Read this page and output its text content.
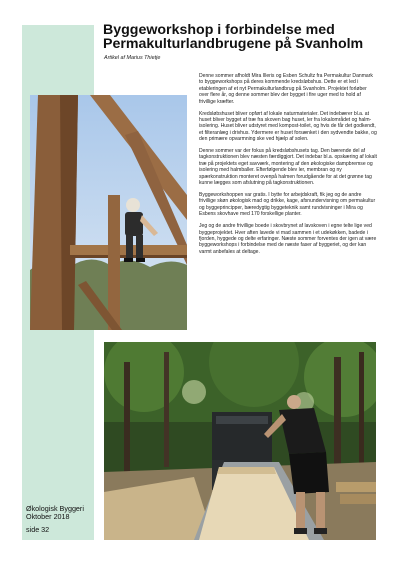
Byggeworkshop i forbindelse med Permakulturlandbrugene på Svanholm
Artikel af Marius Thietje

Denne sommer afholdt Mira Illeris og Esben Schultz fra Permakultur Danmark to byggeworkshops på deres kommende kredsløbshus. Dette er et led i etableringen af et nyt Permakulturlandbrug på Svanholm. Projektet forløber over flere år, og denne sommer blev der bygget i fire uger med to hold af frivillige kræfter.

Kredsløbshuset bliver opført af lokale naturmaterialer. Det indebærer bl.a. at huset bliver bygget af træ fra skoven bag huset, ler fra lokalområdet og halm-isolering. Huset bliver udstyret med kompost-toilet, og hvis de får det godkendt, et filteranlæg i drivhus. Ydermere er huset forsænket i den sydvendte bakke, og den primære opvarmning ske ved hjælp af solen.

Denne sommer var der fokus på kredsløbshusets tag. Den bærende del af tagkonstruktionen blev næsten færdiggjort. Det indebar bl.a. opskæring af lokalt træ på projektets eget savværk, montering af den økologiske dampbremse og isolering med halmballer. Efterfølgende blev ler, membran og ny spærkonstruktion monteret ovenpå halmen forudgående for at det grønne tag kunne lægges som afslutning på tagkonstruktionen.

Byggeworkshoppen var gratis. I bytte for arbejdskraft, fik jeg og de andre frivillige skøn økologisk mad og drikke, kage, afsnundervisning om permakultur og byggeprincipper, bæredygtig byggeteknik samt rundvisninger i Mira og Esbens skovhave med 170 forskellige planter.

Jeg og de andre frivillige boede i skovbrynet af lavskoven i egne telte lige ved byggeprojektet. Hver aften lavede vi mad sammen i et udekøkken, badede i fjorden, hyggede og delte erfaringer. Næste sommer forventes der igen at være byggeworkshops i forbindelse med de næste faser af byggeriet, og der kan varmt anbefales at deltage.

Økologisk Byggeri
Oktober 2018
side 32
